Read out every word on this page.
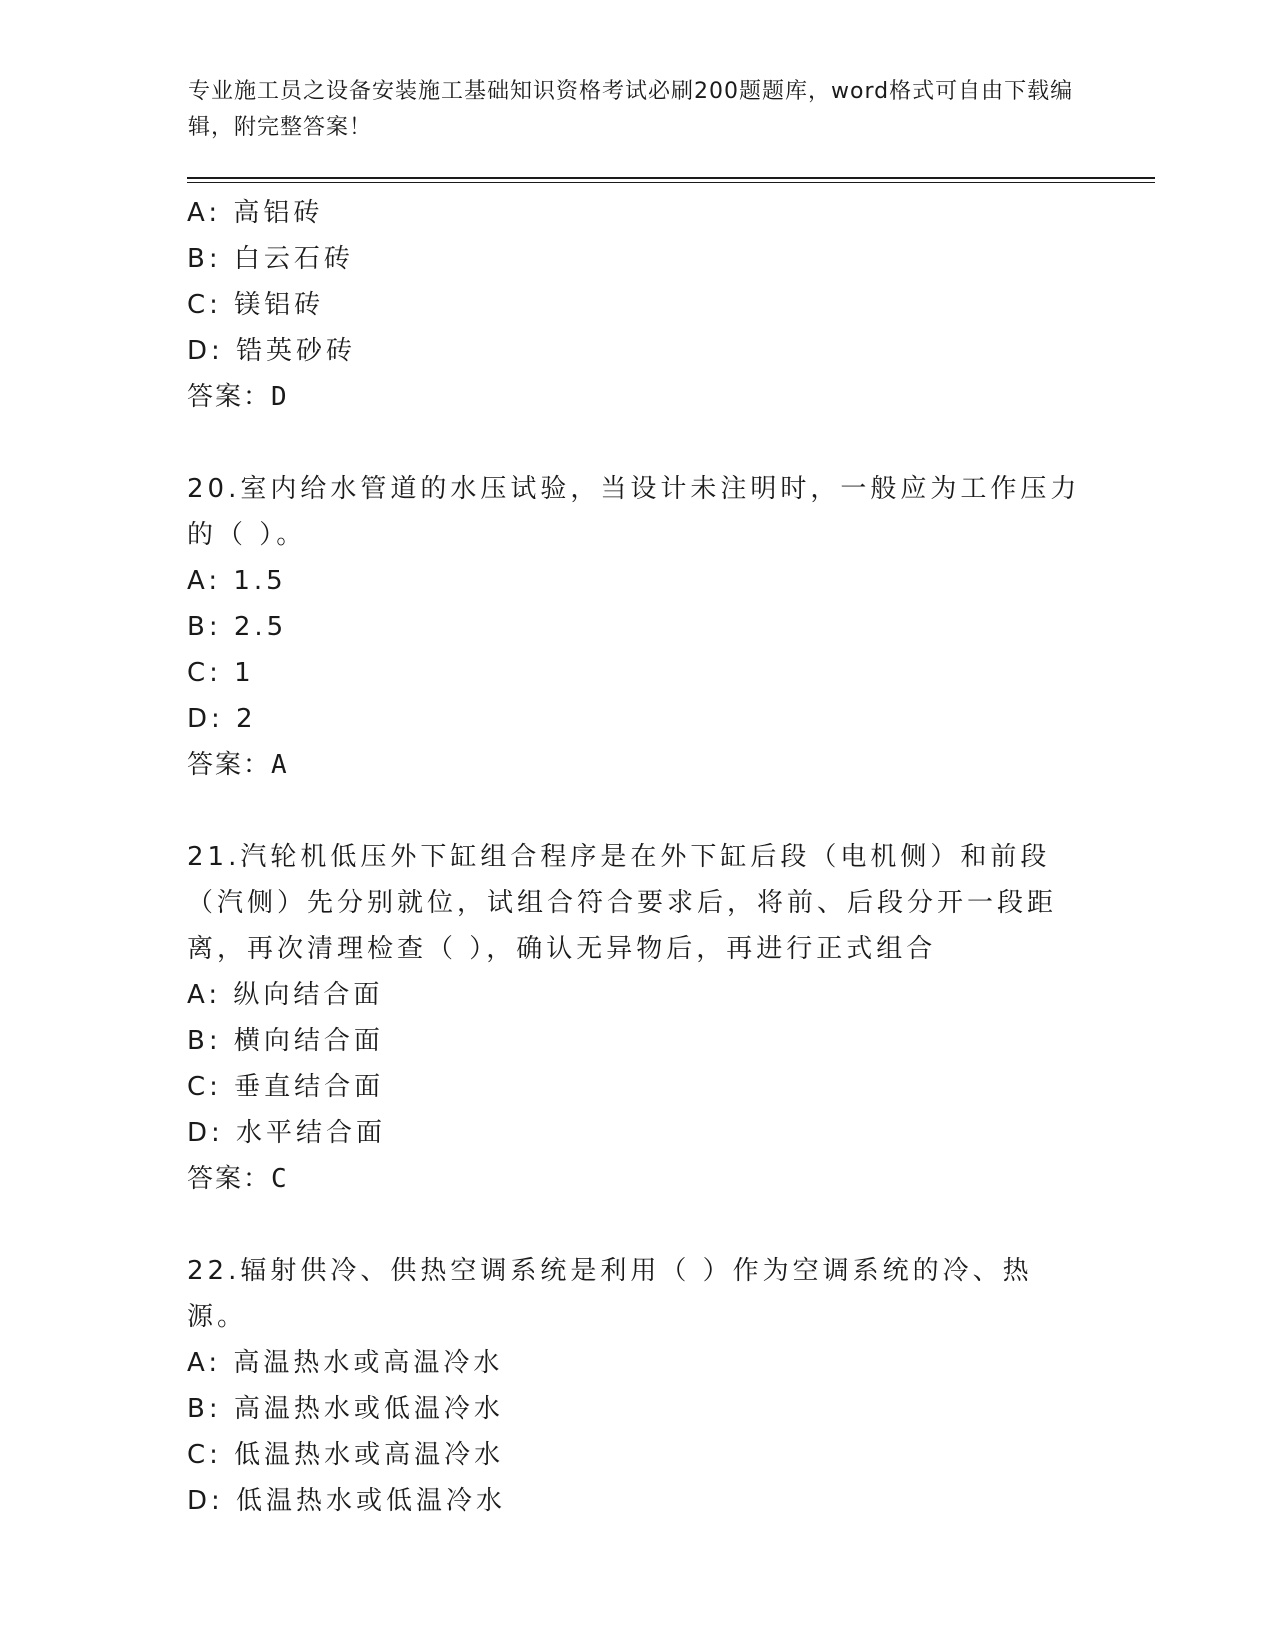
专业施工员之设备安装施工基础知识资格考试必刷200题题库，word格式可自由下载编辑，附完整答案！
A: 高铝砖
B: 白云石砖
C: 镁铝砖
D: 锆英砂砖
答案：D
20.室内给水管道的水压试验，当设计未注明时，一般应为工作压力的（ ）。
A: 1.5
B: 2.5
C: 1
D: 2
答案：A
21.汽轮机低压外下缸组合程序是在外下缸后段（电机侧）和前段（汽侧）先分别就位，试组合符合要求后，将前、后段分开一段距离，再次清理检查（ ），确认无异物后，再进行正式组合
A: 纵向结合面
B: 横向结合面
C: 垂直结合面
D: 水平结合面
答案：C
22.辐射供冷、供热空调系统是利用（ ）作为空调系统的冷、热源。
A: 高温热水或高温冷水
B: 高温热水或低温冷水
C: 低温热水或高温冷水
D: 低温热水或低温冷水
